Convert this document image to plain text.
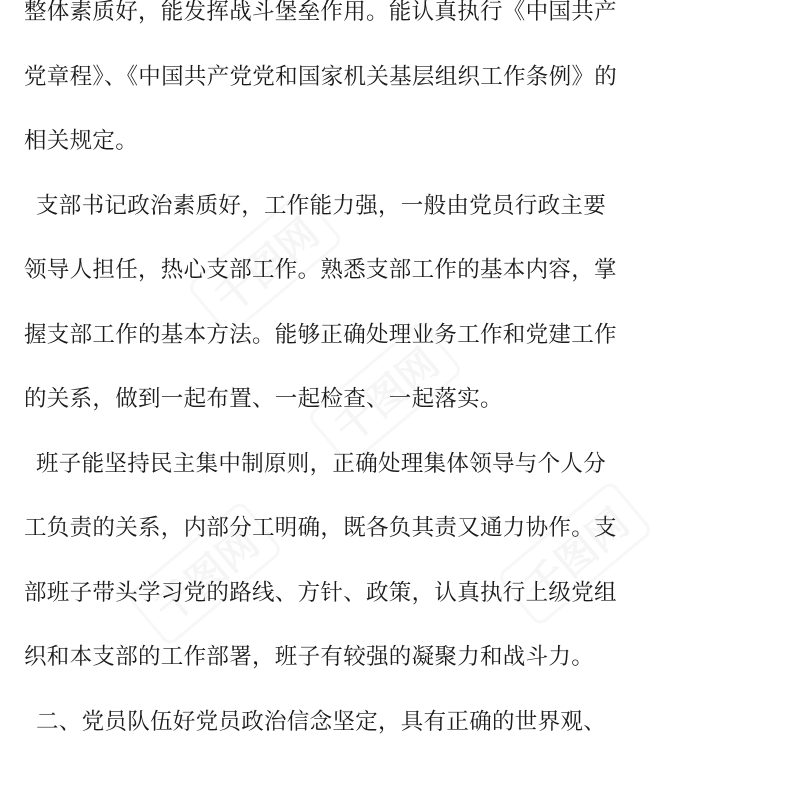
千图网
千图网
千图网	千图网
整体素质好，能发挥战斗堡垒作用。能认真执行《中国共产
党章程》、《中国共产党党和国家机关基层组织工作条例》的
相关规定。
支部书记政治素质好，工作能力强，一般由党员行政主要
领导人担任，热心支部工作。熟悉支部工作的基本内容，掌
握支部工作的基本方法。能够正确处理业务工作和党建工作
的关系，做到一起布置、一起检查、一起落实。
班子能坚持民主集中制原则，正确处理集体领导与个人分
工负责的关系，内部分工明确，既各负其责又通力协作。支
部班子带头学习党的路线、方针、政策，认真执行上级党组
织和本支部的工作部署，班子有较强的凝聚力和战斗力。
二、党员队伍好党员政治信念坚定，具有正确的世界观、
